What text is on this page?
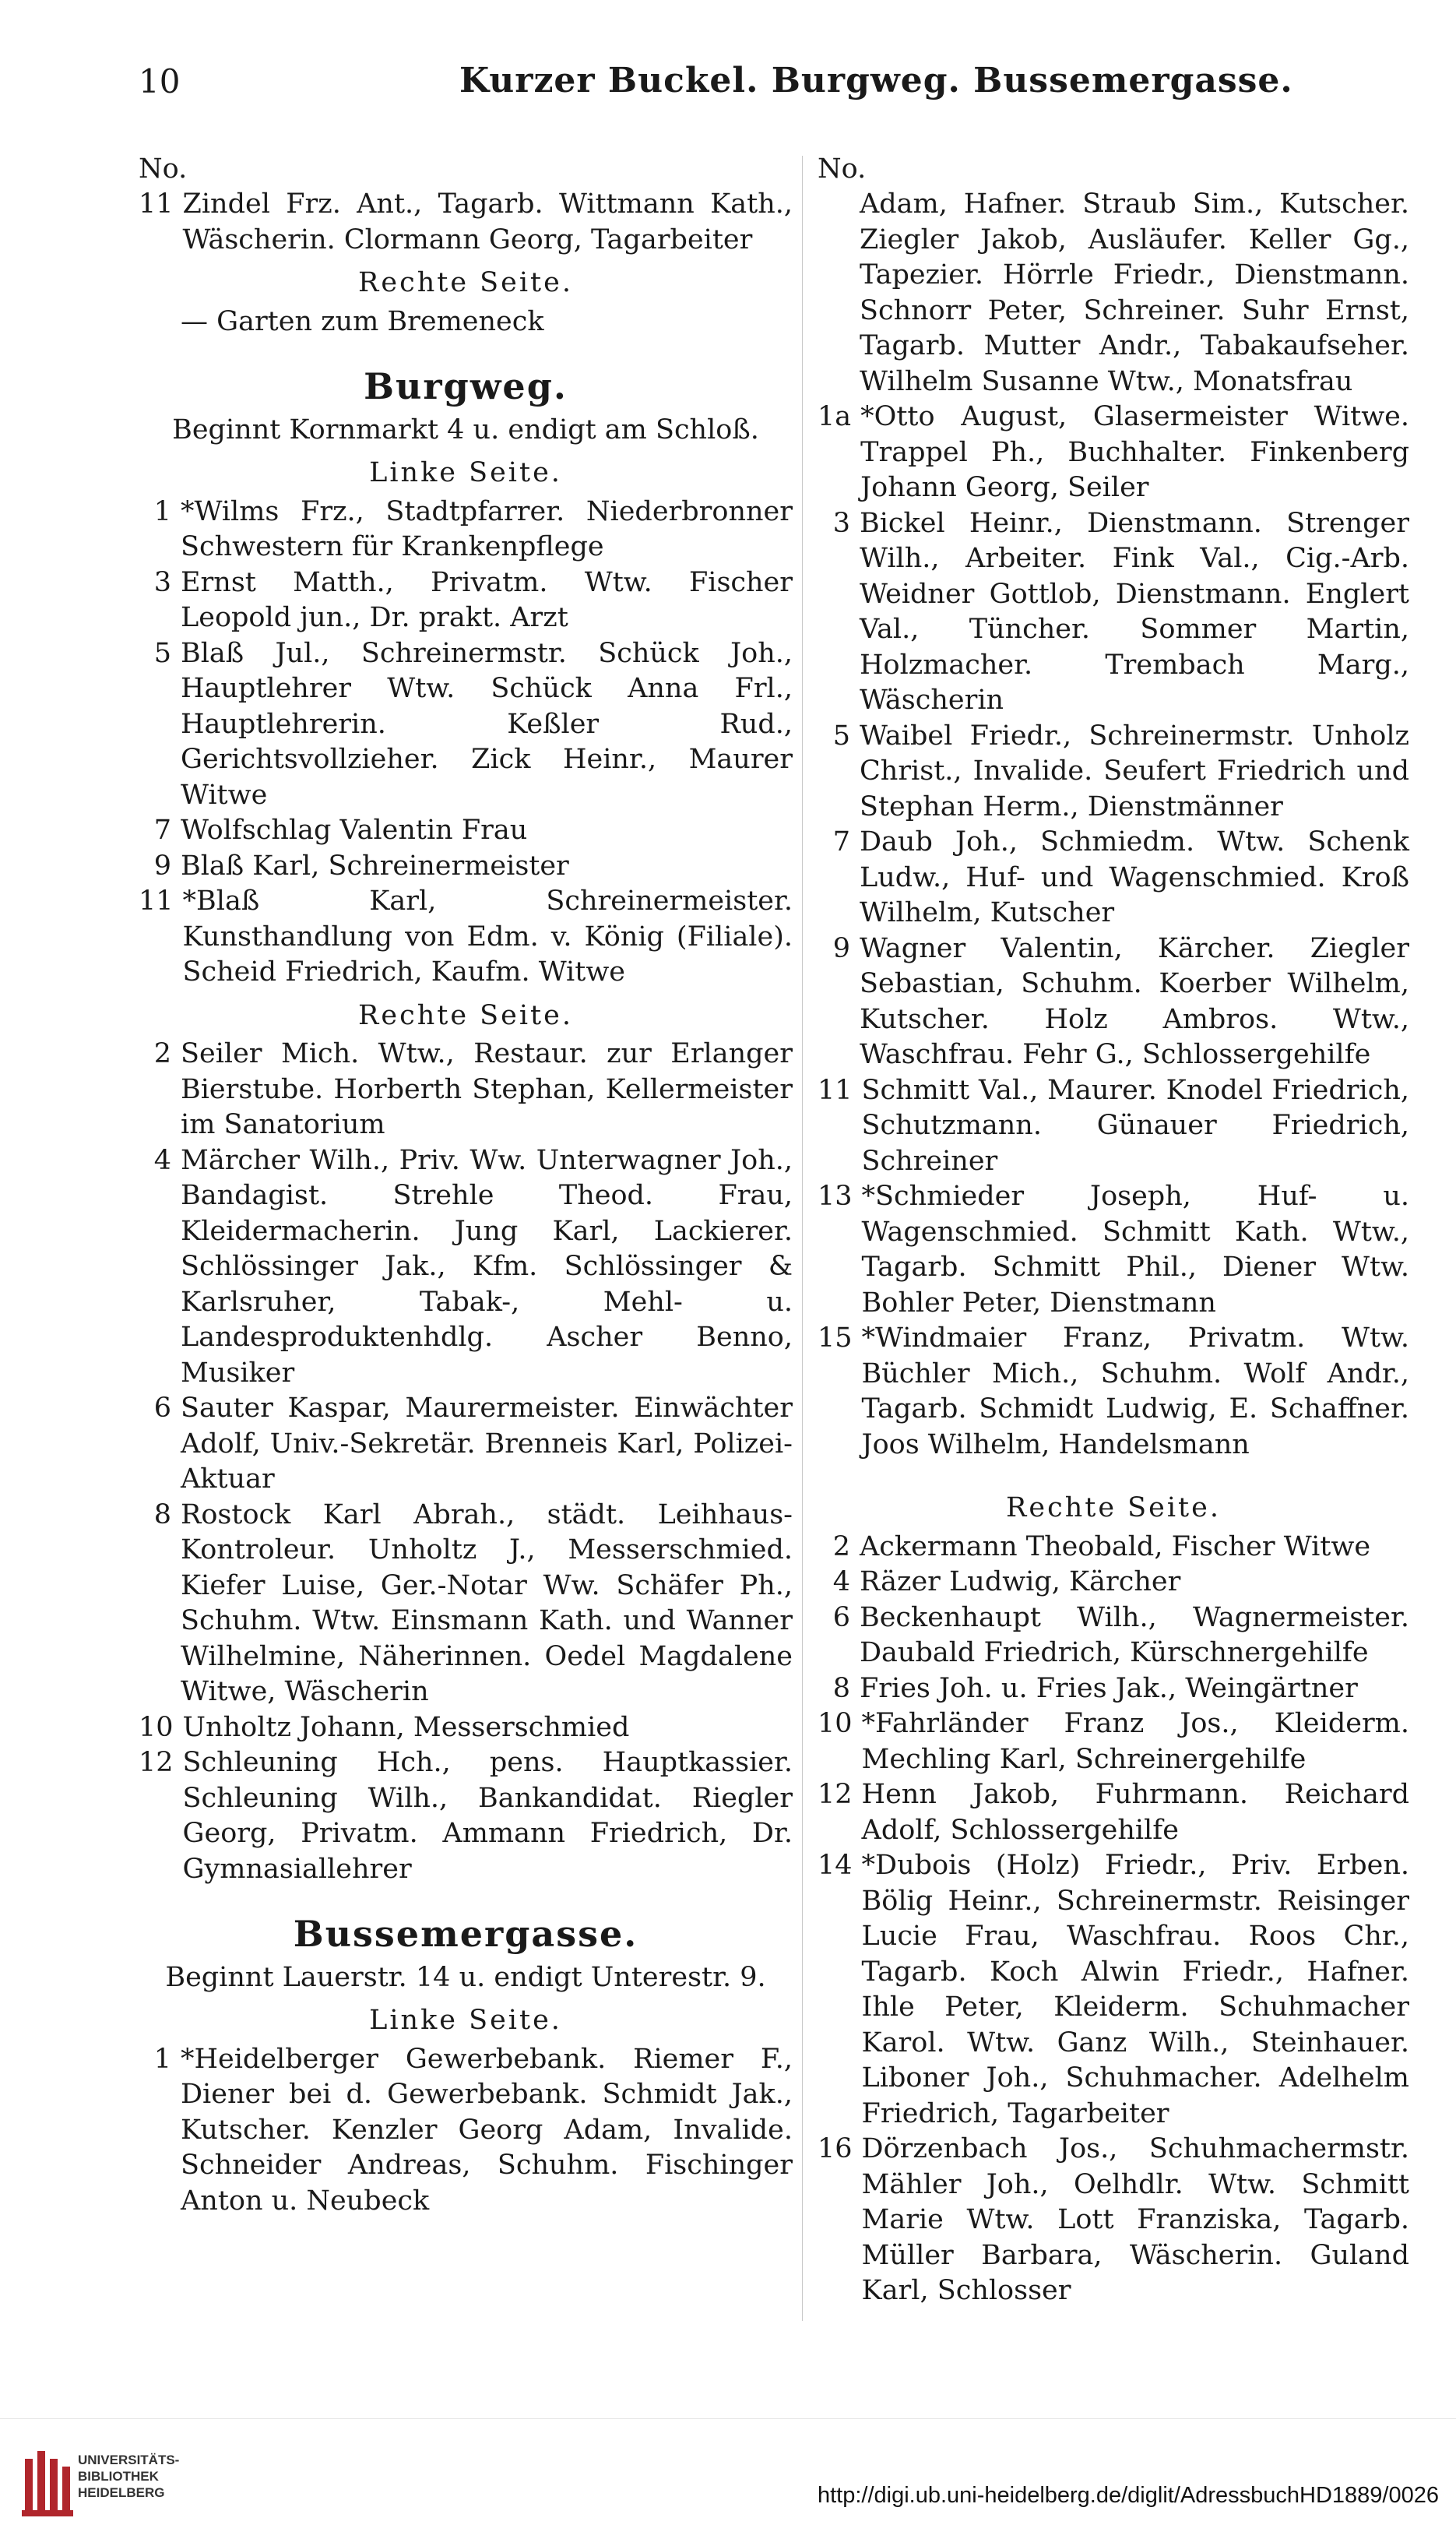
10	Kurzer Buckel. Burgweg. Bussemergasse.
No.
11 Zindel Frz. Ant., Tagarb. Wittmann Kath., Wäscherin. Clormann Georg, Tagarbeiter
Rechte Seite.
— Garten zum Bremeneck
Burgweg.
Beginnt Kornmarkt 4 u. endigt am Schloß.
Linke Seite.
1 *Wilms Frz., Stadtpfarrer. Niederbronner Schwestern für Krankenpflege
3 Ernst Matth., Privatm. Wtw. Fischer Leopold jun., Dr. prakt. Arzt
5 Blaß Jul., Schreinermstr. Schück Joh., Hauptlehrer Wtw. Schück Anna Frl., Hauptlehrerin. Keßler Rud., Gerichtsvollzieher. Zick Heinr., Maurer Witwe
7 Wolfschlag Valentin Frau
9 Blaß Karl, Schreinermeister
11 *Blaß Karl, Schreinermeister. Kunsthandlung von Edm. v. König (Filiale). Scheid Friedrich, Kaufm. Witwe
Rechte Seite.
2 Seiler Mich. Wtw., Restaur. zur Erlanger Bierstube. Horberth Stephan, Kellermeister im Sanatorium
4 Märcher Wilh., Priv. Ww. Unterwagner Joh., Bandagist. Strehle Theod. Frau, Kleidermacherin. Jung Karl, Lackierer. Schlössinger Jak., Kfm. Schlössinger & Karlsruher, Tabak-, Mehl- u. Landesproduktenhdlg. Ascher Benno, Musiker
6 Sauter Kaspar, Maurermeister. Einwächter Adolf, Univ.-Sekretär. Brenneis Karl, Polizei-Aktuar
8 Rostock Karl Abrah., städt. Leihhaus-Kontroleur. Unholtz J., Messerschmied. Kiefer Luise, Ger.-Notar Ww. Schäfer Ph., Schuhm. Wtw. Einsmann Kath. und Wanner Wilhelmine, Näherinnen. Oedel Magdalene Witwe, Wäscherin
10 Unholtz Johann, Messerschmied
12 Schleuning Hch., pens. Hauptkassier. Schleuning Wilh., Bankandidat. Riegler Georg, Privatm. Ammann Friedrich, Dr. Gymnasiallehrer
Bussemergasse.
Beginnt Lauerstr. 14 u. endigt Unterestr. 9.
Linke Seite.
1 *Heidelberger Gewerbebank. Riemer F., Diener bei d. Gewerbebank. Schmidt Jak., Kutscher. Kenzler Georg Adam, Invalide. Schneider Andreas, Schuhm. Fischinger Anton u. Neubeck
No.
Adam, Hafner. Straub Sim., Kutscher. Ziegler Jakob, Ausläufer. Keller Gg., Tapezier. Hörrle Friedr., Dienstmann. Schnorr Peter, Schreiner. Suhr Ernst, Tagarb. Mutter Andr., Tabakaufseher. Wilhelm Susanne Wtw., Monatsfrau
1a *Otto August, Glasermeister Witwe. Trappel Ph., Buchhalter. Finkenberg Johann Georg, Seiler
3 Bickel Heinr., Dienstmann. Strenger Wilh., Arbeiter. Fink Val., Cig.-Arb. Weidner Gottlob, Dienstmann. Englert Val., Tüncher. Sommer Martin, Holzmacher. Trembach Marg., Wäscherin
5 Waibel Friedr., Schreinermstr. Unholz Christ., Invalide. Seufert Friedrich und Stephan Herm., Dienstmänner
7 Daub Joh., Schmiedm. Wtw. Schenk Ludw., Huf- und Wagenschmied. Kroß Wilhelm, Kutscher
9 Wagner Valentin, Kärcher. Ziegler Sebastian, Schuhm. Koerber Wilhelm, Kutscher. Holz Ambros. Wtw., Waschfrau. Fehr G., Schlossergehilfe
11 Schmitt Val., Maurer. Knodel Friedrich, Schutzmann. Günauer Friedrich, Schreiner
13 *Schmieder Joseph, Huf- u. Wagenschmied. Schmitt Kath. Wtw., Tagarb. Schmitt Phil., Diener Wtw. Bohler Peter, Dienstmann
15 *Windmaier Franz, Privatm. Wtw. Büchler Mich., Schuhm. Wolf Andr., Tagarb. Schmidt Ludwig, E. Schaffner. Joos Wilhelm, Handelsmann
Rechte Seite.
2 Ackermann Theobald, Fischer Witwe
4 Räzer Ludwig, Kärcher
6 Beckenhaupt Wilh., Wagnermeister. Daubald Friedrich, Kürschnergehilfe
8 Fries Joh. u. Fries Jak., Weingärtner
10 *Fahrländer Franz Jos., Kleiderm. Mechling Karl, Schreinergehilfe
12 Henn Jakob, Fuhrmann. Reichard Adolf, Schlossergehilfe
14 *Dubois (Holz) Friedr., Priv. Erben. Bölig Heinr., Schreinermstr. Reisinger Lucie Frau, Waschfrau. Roos Chr., Tagarb. Koch Alwin Friedr., Hafner. Ihle Peter, Kleiderm. Schuhmacher Karol. Wtw. Ganz Wilh., Steinhauer. Liboner Joh., Schuhmacher. Adelhelm Friedrich, Tagarbeiter
16 Dörzenbach Jos., Schuhmachermstr. Mähler Joh., Oelhdlr. Wtw. Schmitt Marie Wtw. Lott Franziska, Tagarb. Müller Barbara, Wäscherin. Guland Karl, Schlosser
UNIVERSITÄTS-
BIBLIOTHEK
HEIDELBERG	http://digi.ub.uni-heidelberg.de/diglit/AdressbuchHD1889/0026
